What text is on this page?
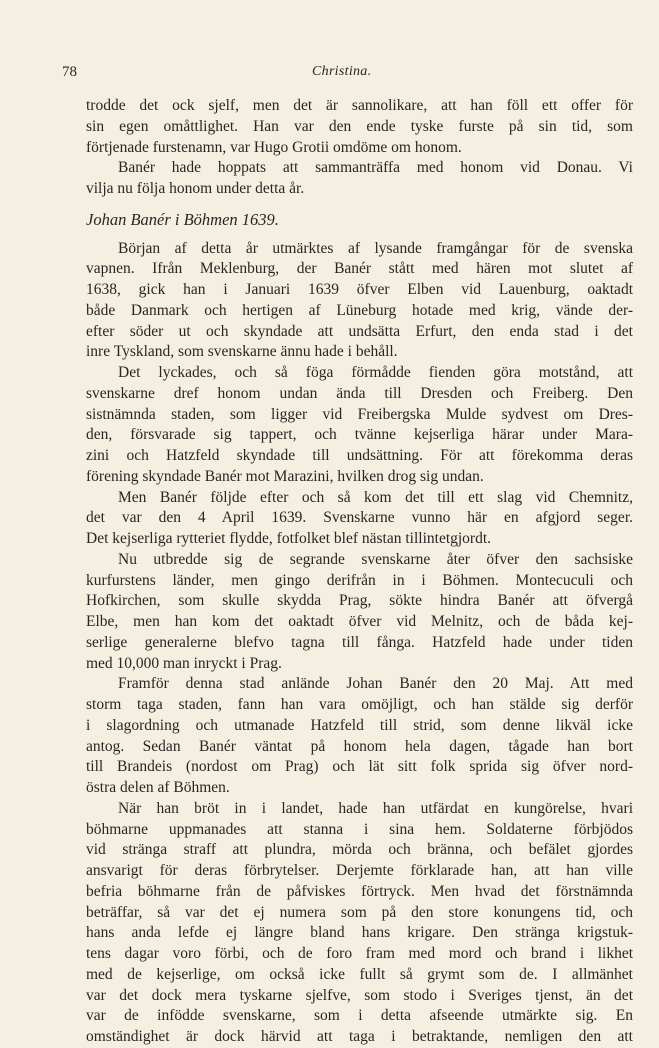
78	Christina.
trodde det ock sjelf, men det är sannolikare, att han föll ett offer för
sin egen omåttlighet. Han var den ende tyske furste på sin tid, som
förtjenade furstenamn, var Hugo Grotii omdöme om honom.
Banér hade hoppats att sammanträffa med honom vid Donau. Vi
vilja nu följa honom under detta år.
Johan Banér i Böhmen 1639.
Början af detta år utmärktes af lysande framgångar för de svenska
vapnen. Ifrån Meklenburg, der Banér stått med hären mot slutet af
1638, gick han i Januari 1639 öfver Elben vid Lauenburg, oaktadt
både Danmark och hertigen af Lüneburg hotade med krig, vände der-
efter söder ut och skyndade att undsätta Erfurt, den enda stad i det
inre Tyskland, som svenskarne ännu hade i behåll.
Det lyckades, och så föga förmådde fienden göra motstånd, att
svenskarne dref honom undan ända till Dresden och Freiberg. Den
sistnämnda staden, som ligger vid Freibergska Mulde sydvest om Dres-
den, försvarade sig tappert, och tvänne kejserliga härar under Mara-
zini och Hatzfeld skyndade till undsättning. För att förekomma deras
förening skyndade Banér mot Marazini, hvilken drog sig undan.
Men Banér följde efter och så kom det till ett slag vid Chemnitz,
det var den 4 April 1639. Svenskarne vunno här en afgjord seger.
Det kejserliga rytteriet flydde, fotfolket blef nästan tillintetgjordt.
Nu utbredde sig de segrande svenskarne åter öfver den sachsiske
kurfurstens länder, men gingo derifrån in i Böhmen. Montecuculi och
Hofkirchen, som skulle skydda Prag, sökte hindra Banér att öfvergå
Elbe, men han kom det oaktadt öfver vid Melnitz, och de båda kej-
serlige generalerne blefvo tagna till fånga. Hatzfeld hade under tiden
med 10,000 man inryckt i Prag.
Framför denna stad anlände Johan Banér den 20 Maj. Att med
storm taga staden, fann han vara omöjligt, och han stälde sig derför
i slagordning och utmanade Hatzfeld till strid, som denne likväl icke
antog. Sedan Banér väntat på honom hela dagen, tågade han bort
till Brandeis (nordost om Prag) och lät sitt folk sprida sig öfver nord-
östra delen af Böhmen.
När han bröt in i landet, hade han utfärdat en kungörelse, hvari
böhmarne uppmanades att stanna i sina hem. Soldaterne förbjödos
vid stränga straff att plundra, mörda och bränna, och befälet gjordes
ansvarigt för deras förbrytelser. Derjemte förklarade han, att han ville
befria böhmarne från de påfviskes förtryck. Men hvad det förstnämnda
beträffar, så var det ej numera som på den store konungens tid, och
hans anda lefde ej längre bland hans krigare. Den stränga krigstuk-
tens dagar voro förbi, och de foro fram med mord och brand i likhet
med de kejserlige, om också icke fullt så grymt som de. I allmänhet
var det dock mera tyskarne sjelfve, som stodo i Sveriges tjenst, än det
var de infödde svenskarne, som i detta afseende utmärkte sig. En
omständighet är dock härvid att taga i betraktande, nemligen den att
